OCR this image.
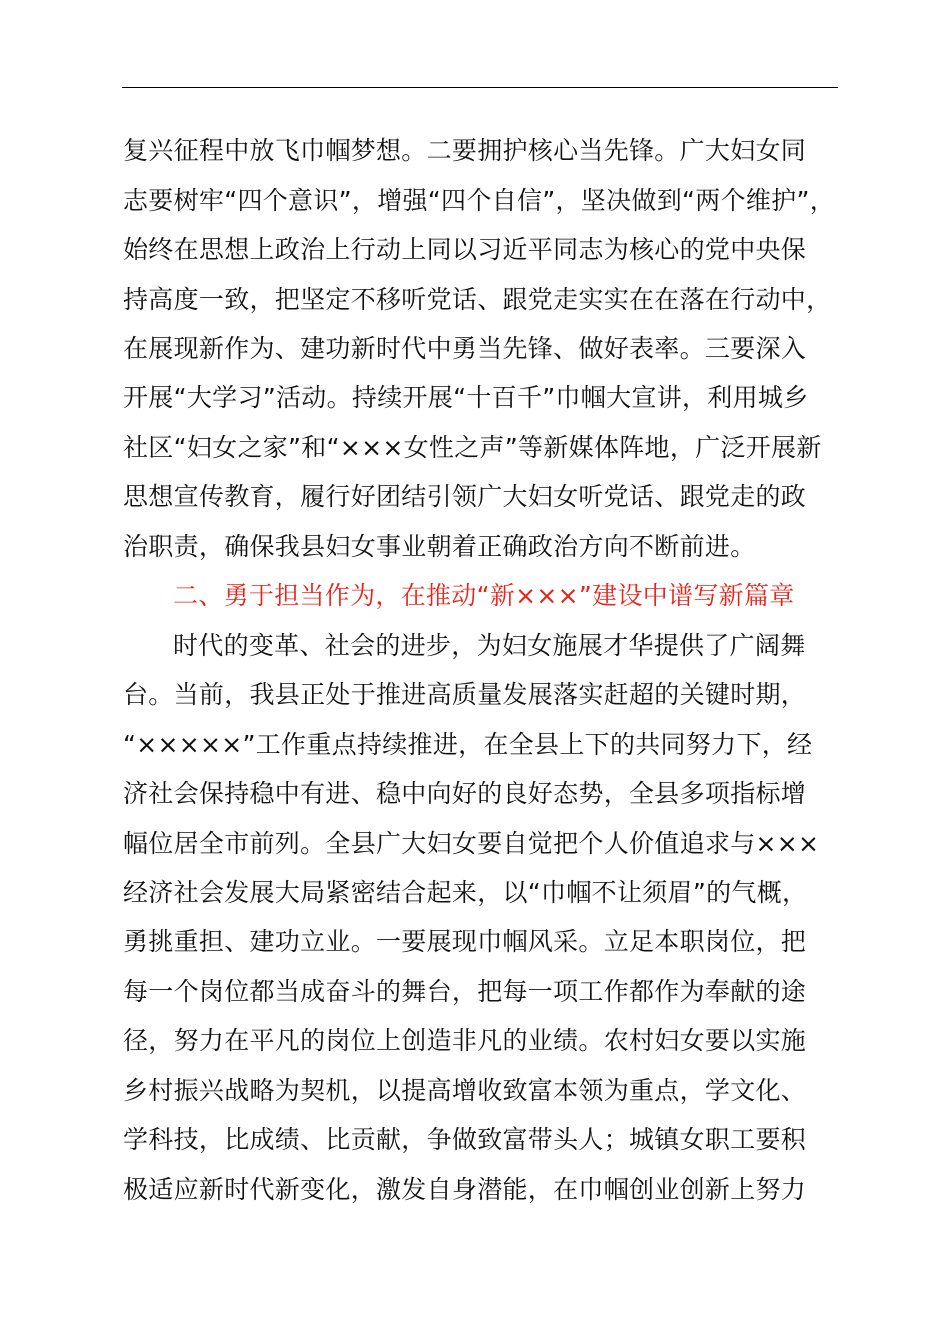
复兴征程中放飞巾帼梦想。二要拥护核心当先锋。广大妇女同
志要树牢“四个意识”，增强“四个自信”，坚决做到“两个维护”，
始终在思想上政治上行动上同以习近平同志为核心的党中央保
持高度一致，把坚定不移听党话、跟党走实实在在落在行动中，
在展现新作为、建功新时代中勇当先锋、做好表率。三要深入
开展“大学习”活动。持续开展“十百千”巾帼大宣讲，利用城乡
社区“妇女之家”和“×××女性之声”等新媒体阵地，广泛开展新
思想宣传教育，履行好团结引领广大妇女听党话、跟党走的政
治职责，确保我县妇女事业朝着正确政治方向不断前进。
二、勇于担当作为，在推动“新×××”建设中谱写新篇章
时代的变革、社会的进步，为妇女施展才华提供了广阔舞
台。当前，我县正处于推进高质量发展落实赶超的关键时期，
“×××××”工作重点持续推进，在全县上下的共同努力下，经
济社会保持稳中有进、稳中向好的良好态势，全县多项指标增
幅位居全市前列。全县广大妇女要自觉把个人价值追求与×××
经济社会发展大局紧密结合起来，以“巾帼不让须眉”的气概，
勇挑重担、建功立业。一要展现巾帼风采。立足本职岗位，把
每一个岗位都当成奋斗的舞台，把每一项工作都作为奉献的途
径，努力在平凡的岗位上创造非凡的业绩。农村妇女要以实施
乡村振兴战略为契机，以提高增收致富本领为重点，学文化、
学科技，比成绩、比贡献，争做致富带头人；城镇女职工要积
极适应新时代新变化，激发自身潜能，在巾帼创业创新上努力
